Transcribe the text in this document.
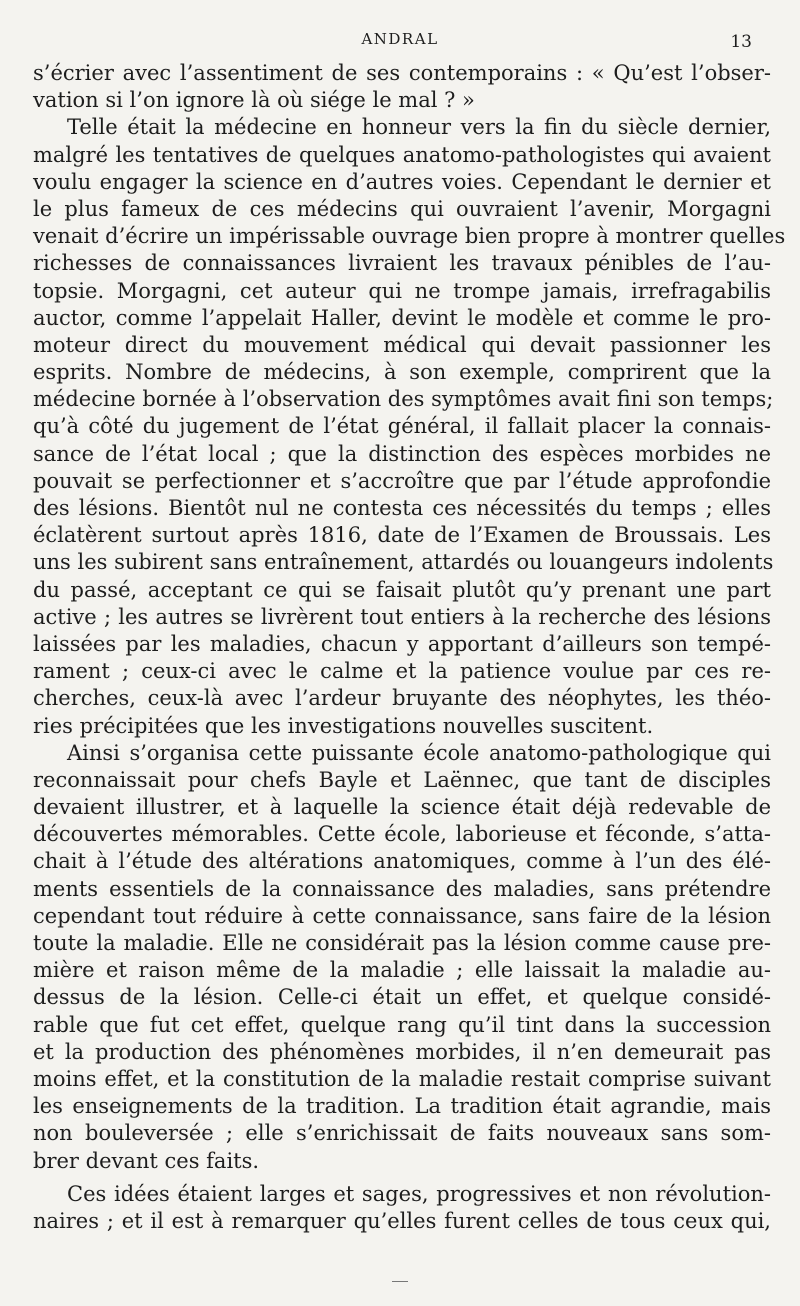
ANDRAL	13
s’écrier avec l’assentiment de ses contemporains : « Qu’est l’obser-
vation si l’on ignore là où siége le mal ? »
Telle était la médecine en honneur vers la fin du siècle dernier,
malgré les tentatives de quelques anatomo-pathologistes qui avaient
voulu engager la science en d’autres voies. Cependant le dernier et
le plus fameux de ces médecins qui ouvraient l’avenir, Morgagni
venait d’écrire un impérissable ouvrage bien propre à montrer quelles
richesses de connaissances livraient les travaux pénibles de l’au-
topsie. Morgagni, cet auteur qui ne trompe jamais, irrefragabilis
auctor, comme l’appelait Haller, devint le modèle et comme le pro-
moteur direct du mouvement médical qui devait passionner les
esprits. Nombre de médecins, à son exemple, comprirent que la
médecine bornée à l’observation des symptômes avait fini son temps;
qu’à côté du jugement de l’état général, il fallait placer la connais-
sance de l’état local ; que la distinction des espèces morbides ne
pouvait se perfectionner et s’accroître que par l’étude approfondie
des lésions. Bientôt nul ne contesta ces nécessités du temps ; elles
éclatèrent surtout après 1816, date de l’Examen de Broussais. Les
uns les subirent sans entraînement, attardés ou louangeurs indolents
du passé, acceptant ce qui se faisait plutôt qu’y prenant une part
active ; les autres se livrèrent tout entiers à la recherche des lésions
laissées par les maladies, chacun y apportant d’ailleurs son tempé-
rament ; ceux-ci avec le calme et la patience voulue par ces re-
cherches, ceux-là avec l’ardeur bruyante des néophytes, les théo-
ries précipitées que les investigations nouvelles suscitent.
Ainsi s’organisa cette puissante école anatomo-pathologique qui
reconnaissait pour chefs Bayle et Laënnec, que tant de disciples
devaient illustrer, et à laquelle la science était déjà redevable de
découvertes mémorables. Cette école, laborieuse et féconde, s’atta-
chait à l’étude des altérations anatomiques, comme à l’un des élé-
ments essentiels de la connaissance des maladies, sans prétendre
cependant tout réduire à cette connaissance, sans faire de la lésion
toute la maladie. Elle ne considérait pas la lésion comme cause pre-
mière et raison même de la maladie ; elle laissait la maladie au-
dessus de la lésion. Celle-ci était un effet, et quelque considé-
rable que fut cet effet, quelque rang qu’il tint dans la succession
et la production des phénomènes morbides, il n’en demeurait pas
moins effet, et la constitution de la maladie restait comprise suivant
les enseignements de la tradition. La tradition était agrandie, mais
non bouleversée ; elle s’enrichissait de faits nouveaux sans som-
brer devant ces faits.
Ces idées étaient larges et sages, progressives et non révolution-
naires ; et il est à remarquer qu’elles furent celles de tous ceux qui,
